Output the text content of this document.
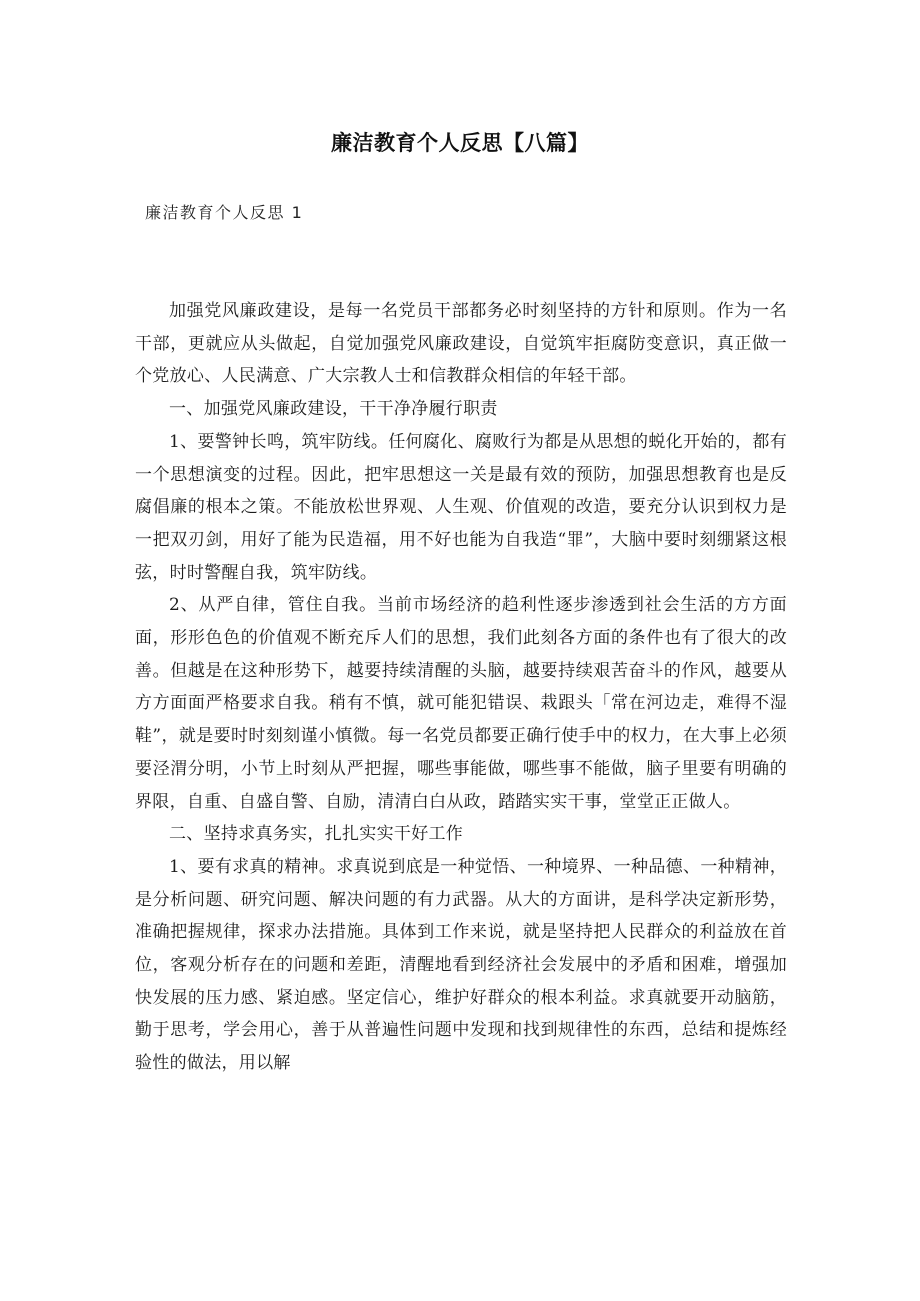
廉洁教育个人反思【八篇】
廉洁教育个人反思 1

加强党风廉政建设，是每一名党员干部都务必时刻坚持的方针和原则。作为一名干部，更就应从头做起，自觉加强党风廉政建设，自觉筑牢拒腐防变意识，真正做一个党放心、人民满意、广大宗教人士和信教群众相信的年轻干部。

一、加强党风廉政建设，干干净净履行职责

1、要警钟长鸣，筑牢防线。任何腐化、腐败行为都是从思想的蜕化开始的，都有一个思想演变的过程。因此，把牢思想这一关是最有效的预防，加强思想教育也是反腐倡廉的根本之策。不能放松世界观、人生观、价值观的改造，要充分认识到权力是一把双刃剑，用好了能为民造福，用不好也能为自我造“罪”，大脑中要时刻绷紧这根弦，时时警醒自我，筑牢防线。

2、从严自律，管住自我。当前市场经济的趋利性逐步渗透到社会生活的方方面面，形形色色的价值观不断充斥人们的思想，我们此刻各方面的条件也有了很大的改善。但越是在这种形势下，越要持续清醒的头脑，越要持续艰苦奋斗的作风，越要从方方面面严格要求自我。稍有不慎，就可能犯错误、栽跟头「常在河边走，难得不湿鞋”，就是要时时刻刻谨小慎微。每一名党员都要正确行使手中的权力，在大事上必须要泾渭分明，小节上时刻从严把握，哪些事能做，哪些事不能做，脑子里要有明确的界限，自重、自盛自警、自励，清清白白从政，踏踏实实干事，堂堂正正做人。

二、坚持求真务实，扎扎实实干好工作

1、要有求真的精神。求真说到底是一种觉悟、一种境界、一种品德、一种精神，是分析问题、研究问题、解决问题的有力武器。从大的方面讲，是科学决定新形势，准确把握规律，探求办法措施。具体到工作来说，就是坚持把人民群众的利益放在首位，客观分析存在的问题和差距，清醒地看到经济社会发展中的矛盾和困难，增强加快发展的压力感、紧迫感。坚定信心，维护好群众的根本利益。求真就要开动脑筋，勤于思考，学会用心，善于从普遍性问题中发现和找到规律性的东西，总结和提炼经验性的做法，用以解
